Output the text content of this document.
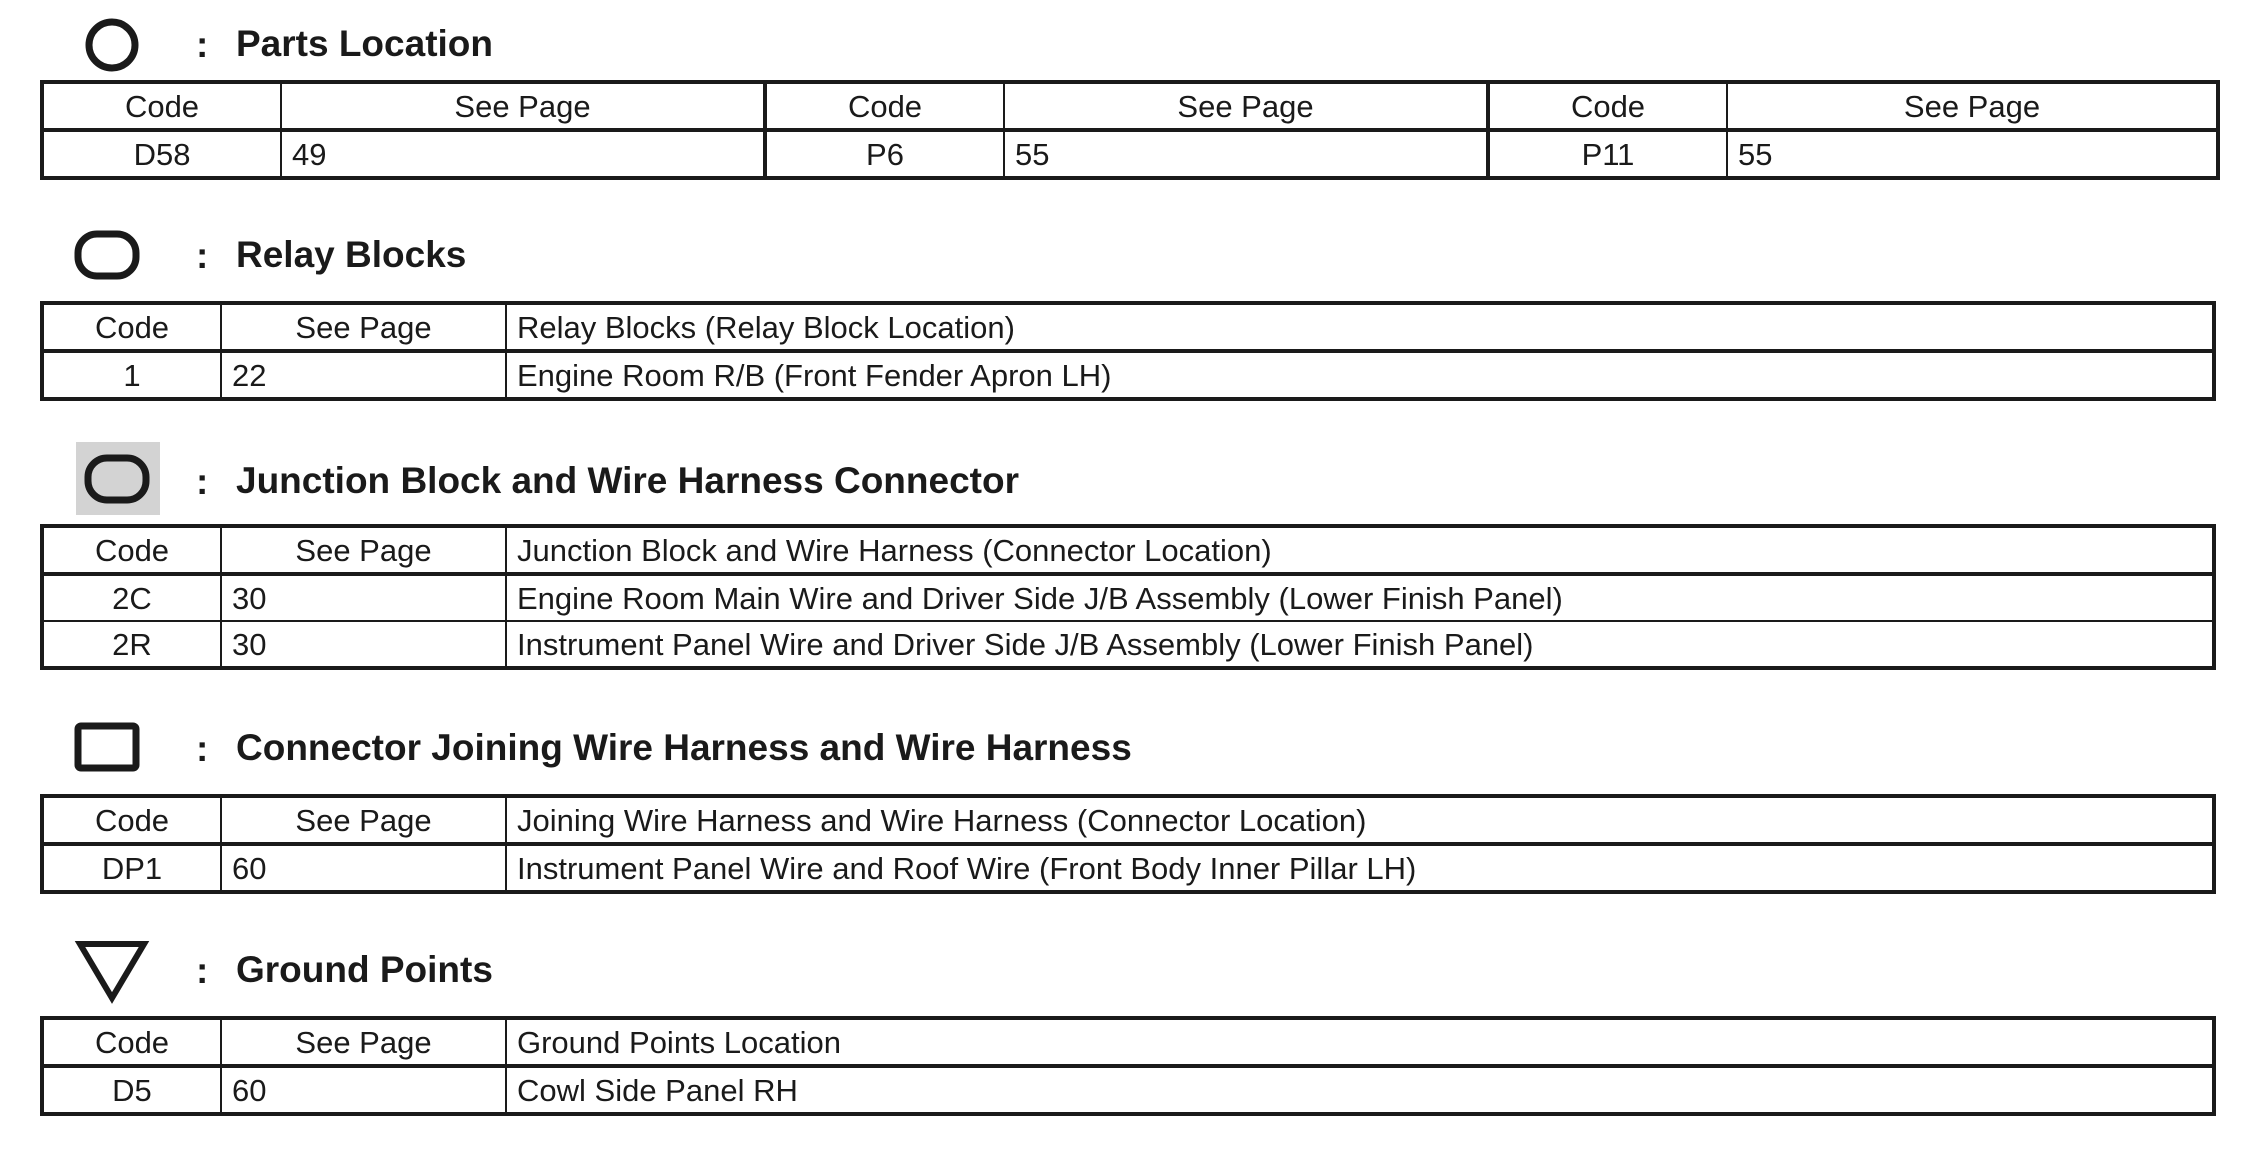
: Parts Location
Code	See Page	Code	See Page	Code	See Page
D58	49	P6	55	P11	55
: Relay Blocks
Code	See Page	Relay Blocks (Relay Block Location)
1	22	Engine Room R/B (Front Fender Apron LH)
: Junction Block and Wire Harness Connector
Code	See Page	Junction Block and Wire Harness (Connector Location)
2C	30	Engine Room Main Wire and Driver Side J/B Assembly (Lower Finish Panel)
2R	30	Instrument Panel Wire and Driver Side J/B Assembly (Lower Finish Panel)
: Connector Joining Wire Harness and Wire Harness
Code	See Page	Joining Wire Harness and Wire Harness (Connector Location)
DP1	60	Instrument Panel Wire and Roof Wire (Front Body Inner Pillar LH)
: Ground Points
Code	See Page	Ground Points Location
D5	60	Cowl Side Panel RH
